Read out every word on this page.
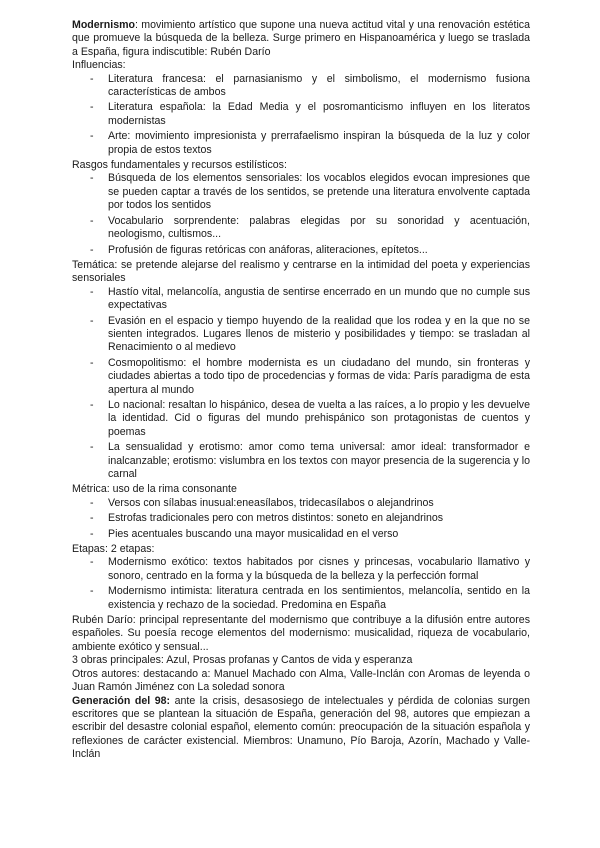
Modernismo: movimiento artístico que supone una nueva actitud vital y una renovación estética que promueve la búsqueda de la belleza. Surge primero en Hispanoamérica y luego se traslada a España, figura indiscutible: Rubén Darío

Influencias:

- Literatura francesa: el parnasianismo y el simbolismo, el modernismo fusiona características de ambos
- Literatura española: la Edad Media y el posromanticismo influyen en los literatos modernistas
- Arte: movimiento impresionista y prerrafaelismo inspiran la búsqueda de la luz y color propia de estos textos

Rasgos fundamentales y recursos estilísticos:

- Búsqueda de los elementos sensoriales: los vocablos elegidos evocan impresiones que se pueden captar a través de los sentidos, se pretende una literatura envolvente captada por todos los sentidos
- Vocabulario sorprendente: palabras elegidas por su sonoridad y acentuación, neologismo, cultismos...
- Profusión de figuras retóricas con anáforas, aliteraciones, epítetos...

Temática: se pretende alejarse del realismo y centrarse en la intimidad del poeta y experiencias sensoriales

- Hastío vital, melancolía, angustia de sentirse encerrado en un mundo que no cumple sus expectativas
- Evasión en el espacio y tiempo huyendo de la realidad que los rodea y en la que no se sienten integrados. Lugares llenos de misterio y posibilidades y tiempo: se trasladan al Renacimiento o al medievo
- Cosmopolitismo: el hombre modernista es un ciudadano del mundo, sin fronteras y ciudades abiertas a todo tipo de procedencias y formas de vida: París paradigma de esta apertura al mundo
- Lo nacional: resaltan lo hispánico, desea de vuelta a las raíces, a lo propio y les devuelve la identidad. Cid o figuras del mundo prehispánico son protagonistas de cuentos y poemas
- La sensualidad y erotismo: amor como tema universal: amor ideal: transformador e inalcanzable; erotismo: vislumbra en los textos con mayor presencia de la sugerencia y lo carnal

Métrica: uso de la rima consonante

- Versos con sílabas inusual:eneasílabos, tridecasílabos o alejandrinos
- Estrofas tradicionales pero con metros distintos: soneto en alejandrinos
- Pies acentuales buscando una mayor musicalidad en el verso

Etapas: 2 etapas:

- Modernismo exótico: textos habitados por cisnes y princesas, vocabulario llamativo y sonoro, centrado en la forma y la búsqueda de la belleza y la perfección formal
- Modernismo intimista: literatura centrada en los sentimientos, melancolía, sentido en la existencia y rechazo de la sociedad. Predomina en España

Rubén Darío: principal representante del modernismo que contribuye a la difusión entre autores españoles. Su poesía recoge elementos del modernismo: musicalidad, riqueza de vocabulario, ambiente exótico y sensual...

3 obras principales: Azul, Prosas profanas y Cantos de vida y esperanza

Otros autores: destacando a: Manuel Machado con Alma, Valle-Inclán con Aromas de leyenda o Juan Ramón Jiménez con La soledad sonora

Generación del 98: ante la crisis, desasosiego de intelectuales y pérdida de colonias surgen escritores que se plantean la situación de España, generación del 98, autores que empiezan a escribir del desastre colonial español, elemento común: preocupación de la situación española y reflexiones de carácter existencial. Miembros: Unamuno, Pío Baroja, Azorín, Machado y Valle-Inclán
